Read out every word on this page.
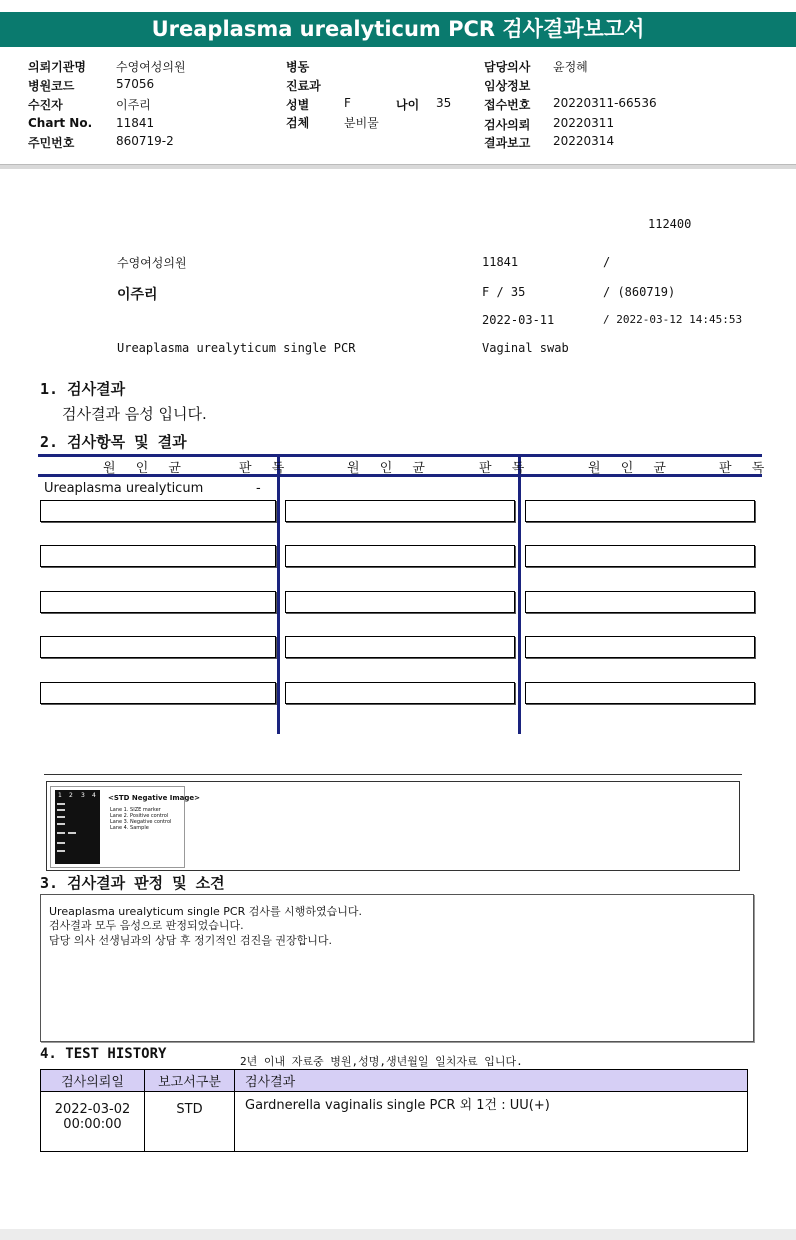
Ureaplasma urealyticum PCR 검사결과보고서
의뢰기관명	수영여성의원
병원코드	57056
수진자	이주리
Chart No. 11841
주민번호	860719-2
병동
진료과
성별	F	나이 35
검체	분비물
담당의사 윤정혜
임상정보
접수번호 20220311-66536
검사의뢰 20220311
결과보고 20220314
112400
수영여성의원	11841	/
이주리	F / 35	/ (860719)
2022-03-11	/ 2022-03-12 14:45:53
Ureaplasma urealyticum single PCR	Vaginal swab
1. 검사결과
검사결과 음성 입니다.
2. 검사항목 및 결과
원 인 균	판 독	원 인 균	판 독	원 인 균	판 독
Ureaplasma urealyticum	-
1 2 3 4 <STD Negative Image>
Lane 1. SIZE marker
Lane 2. Positive control
Lane 3. Negative control
Lane 4. Sample
3. 검사결과 판정 및 소견
Ureaplasma urealyticum single PCR 검사를 시행하였습니다.
검사결과 모두 음성으로 판정되었습니다.
담당 의사 선생님과의 상담 후 정기적인 검진을 권장합니다.
4. TEST HISTORY	2년 이내 자료중 병원,성명,생년월일 일치자료 입니다.
검사의뢰일	보고서구분	검사결과

2022-03-02
00:00:00	STD	Gardnerella vaginalis single PCR 외 1건 : UU(+)
